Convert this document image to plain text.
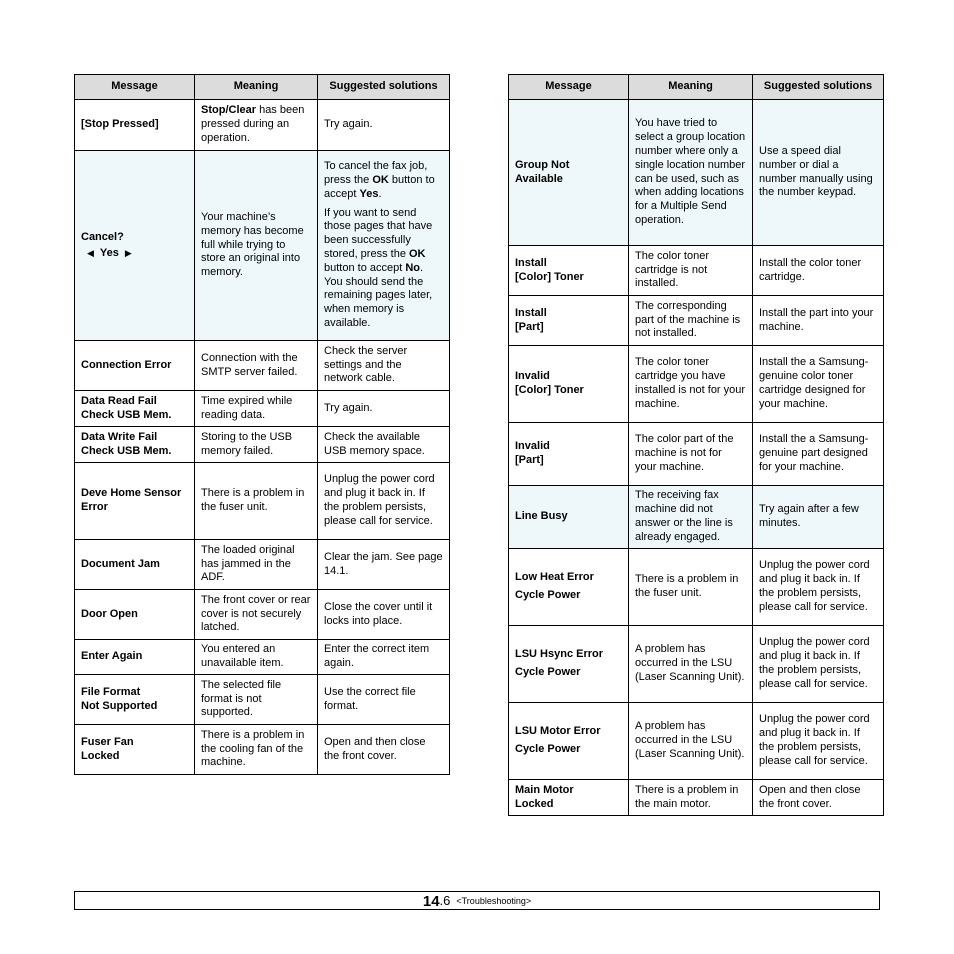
Message	Meaning	Suggested solutions
[Stop Pressed]	Stop/Clear has been pressed during an operation.	Try again.

Cancel?
◀ Yes ▶	Your machine’s memory has become full while trying to store an original into memory.	To cancel the fax job, press the OK button to accept Yes.
If you want to send those pages that have been successfully stored, press the OK button to accept No. You should send the remaining pages later, when memory is available.

Connection Error	Connection with the SMTP server failed.	Check the server settings and the network cable.

Data Read Fail
Check USB Mem.	Time expired while reading data.	Try again.

Data Write Fail
Check USB Mem.	Storing to the USB memory failed.	Check the available USB memory space.
Deve Home Sensor Error	There is a problem in the fuser unit.	Unplug the power cord and plug it back in. If the problem persists, please call for service.
Document Jam	The loaded original has jammed in the ADF.	Clear the jam. See page 14.1.
Door Open	The front cover or rear cover is not securely latched.	Close the cover until it locks into place.
Enter Again	You entered an unavailable item.	Enter the correct item again.

File Format
Not Supported	The selected file format is not supported.	Use the correct file format.

Fuser Fan
Locked	There is a problem in the cooling fan of the machine.	Open and then close the front cover.
Message	Meaning	Suggested solutions

Group Not
Available	You have tried to select a group location number where only a single location number can be used, such as when adding locations for a Multiple Send operation.	Use a speed dial number or dial a number manually using the number keypad.

Install
[Color] Toner	The color toner cartridge is not installed.	Install the color toner cartridge.

Install
[Part]	The corresponding part of the machine is not installed.	Install the part into your machine.

Invalid
[Color] Toner	The color toner cartridge you have installed is not for your machine.	Install the a Samsung-genuine color toner cartridge designed for your machine.

Invalid
[Part]	The color part of the machine is not for your machine.	Install the a Samsung-genuine part designed for your machine.
Line Busy	The receiving fax machine did not answer or the line is already engaged.	Try again after a few minutes.

Low Heat Error
Cycle Power	There is a problem in the fuser unit.	Unplug the power cord and plug it back in. If the problem persists, please call for service.

LSU Hsync Error
Cycle Power	A problem has occurred in the LSU (Laser Scanning Unit).	Unplug the power cord and plug it back in. If the problem persists, please call for service.

LSU Motor Error
Cycle Power	A problem has occurred in the LSU (Laser Scanning Unit).	Unplug the power cord and plug it back in. If the problem persists, please call for service.

Main Motor
Locked	There is a problem in the main motor.	Open and then close the front cover.
14.6 <Troubleshooting>
